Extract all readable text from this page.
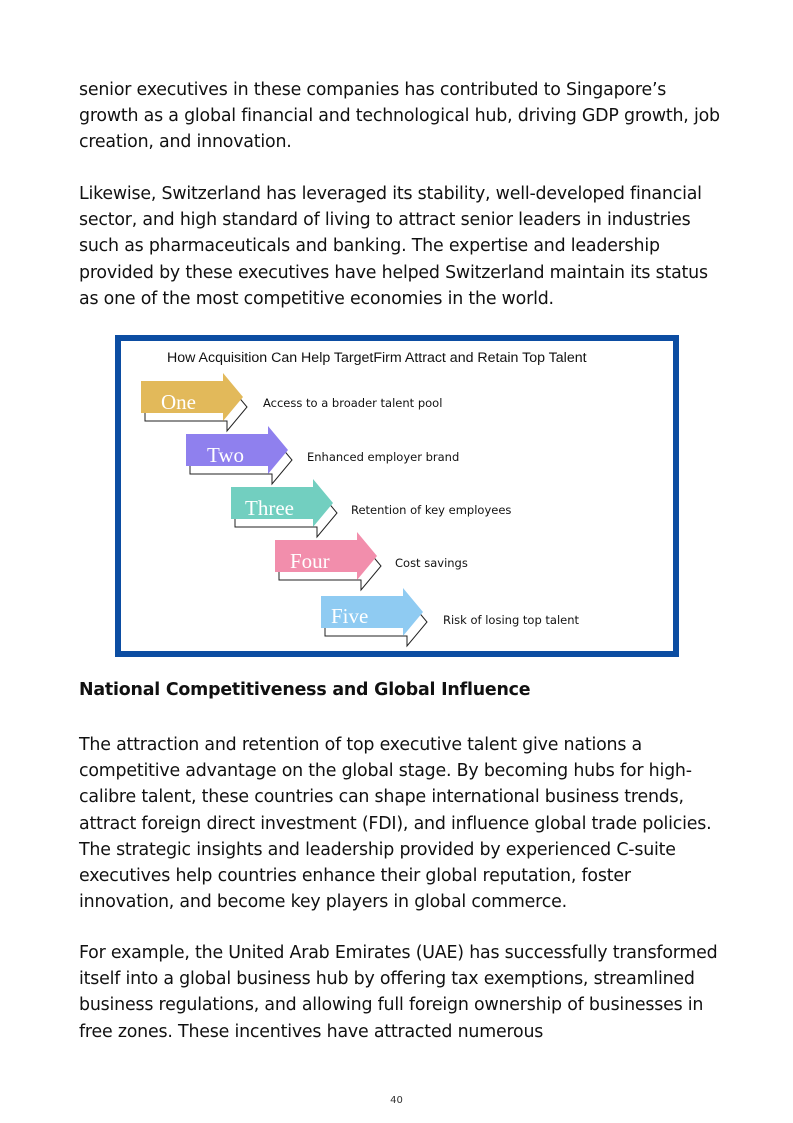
senior executives in these companies has contributed to Singapore’s growth as a global financial and technological hub, driving GDP growth, job creation, and innovation.

Likewise, Switzerland has leveraged its stability, well-developed financial sector, and high standard of living to attract senior leaders in industries such as pharmaceuticals and banking. The expertise and leadership provided by these executives have helped Switzerland maintain its status as one of the most competitive economies in the world.

How Acquisition Can Help TargetFirm Attract and Retain Top Talent
One	Access to a broader talent pool
Two	Enhanced employer brand
Three	Retention of key employees
Four	Cost savings
Five	Risk of losing top talent
National Competitiveness and Global Influence

The attraction and retention of top executive talent give nations a competitive advantage on the global stage. By becoming hubs for high-calibre talent, these countries can shape international business trends, attract foreign direct investment (FDI), and influence global trade policies. The strategic insights and leadership provided by experienced C-suite executives help countries enhance their global reputation, foster innovation, and become key players in global commerce.

For example, the United Arab Emirates (UAE) has successfully transformed itself into a global business hub by offering tax exemptions, streamlined business regulations, and allowing full foreign ownership of businesses in free zones. These incentives have attracted numerous

40
